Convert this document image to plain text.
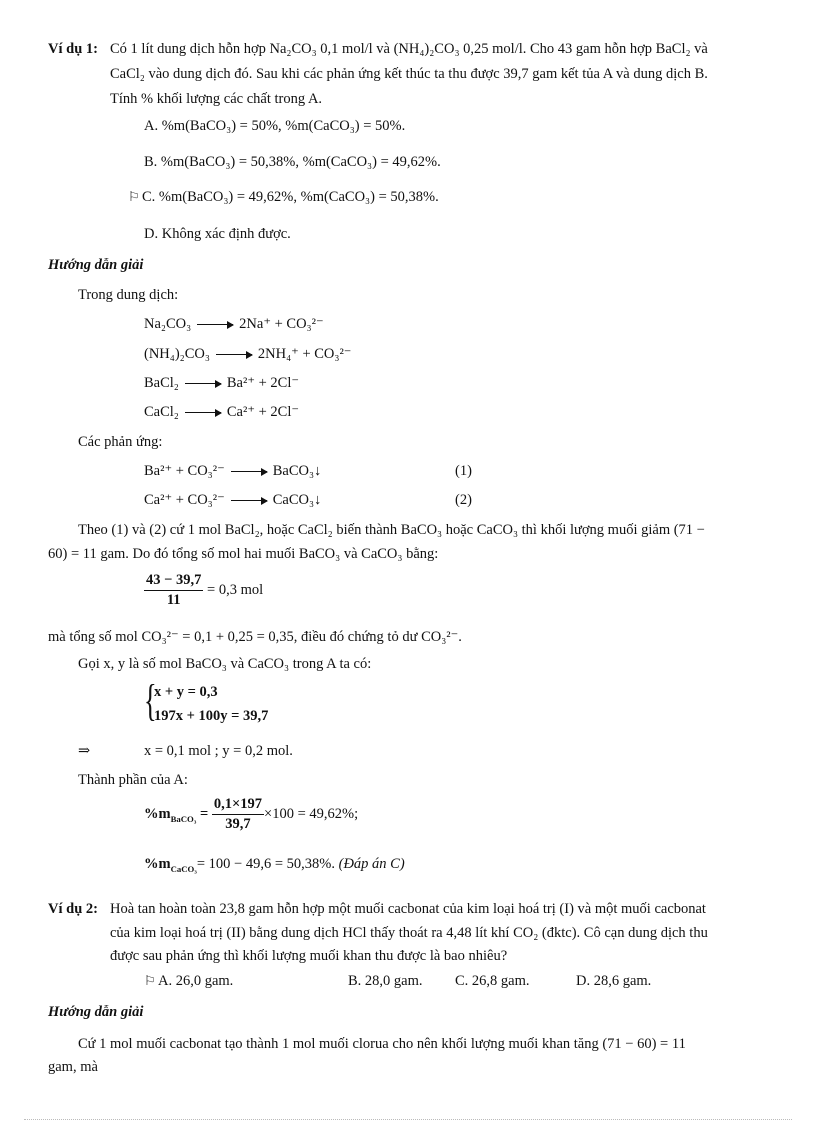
Ví dụ 1: Có 1 lít dung dịch hỗn hợp Na₂CO₃ 0,1 mol/l và (NH₄)₂CO₃ 0,25 mol/l. Cho 43 gam hỗn hợp BaCl₂ và
CaCl₂ vào dung dịch đó. Sau khi các phản ứng kết thúc ta thu được 39,7 gam kết tủa A và dung dịch B.
Tính % khối lượng các chất trong A.
A. %m(BaCO₃) = 50%, %m(CaCO₃) = 50%.
B. %m(BaCO₃) = 50,38%, %m(CaCO₃) = 49,62%.
⚐ C. %m(BaCO₃) = 49,62%, %m(CaCO₃) = 50,38%.
D. Không xác định được.
Hướng dẫn giải
Trong dung dịch:
Na₂CO₃	2Na⁺ + CO₃²⁻
(NH₄)₂CO₃	2NH₄⁺ + CO₃²⁻
BaCl₂	Ba²⁺ + 2Cl⁻
CaCl₂	Ca²⁺ + 2Cl⁻
Các phản ứng:
Ba²⁺ + CO₃²⁻	BaCO₃↓	(1)
Ca²⁺ + CO₃²⁻	CaCO₃↓	(2)
Theo (1) và (2) cứ 1 mol BaCl₂, hoặc CaCl₂ biến thành BaCO₃ hoặc CaCO₃ thì khối lượng muối giảm (71 −
60) = 11 gam. Do đó tổng số mol hai muối BaCO₃ và CaCO₃ bằng:
$\frac{43 - 39,7}{11} = 0,3$ mol
mà tổng số mol CO₃²⁻ = 0,1 + 0,25 = 0,35, điều đó chứng tỏ dư CO₃²⁻.
Gọi x, y là số mol BaCO₃ và CaCO₃ trong A ta có:
{
x + y = 0,3
197x + 100y = 39,7
⇒	x = 0,1 mol ; y = 0,2 mol.
Thành phần của A:
$\%m_{BaCO_3} = \frac{0,1\times 197}{39,7} \times 100 = 49,62\%$;
$\%m_{CaCO_3}= 100 - 49,6 = 50,38\%$. (Đáp án C)
Ví dụ 2: Hoà tan hoàn toàn 23,8 gam hỗn hợp một muối cacbonat của kim loại hoá trị (I) và một muối cacbonat
của kim loại hoá trị (II) bằng dung dịch HCl thấy thoát ra 4,48 lít khí CO₂ (đktc). Cô cạn dung dịch thu
được sau phản ứng thì khối lượng muối khan thu được là bao nhiêu?
⚐ A. 26,0 gam.	B. 28,0 gam. C. 26,8 gam.	D. 28,6 gam.
Hướng dẫn giải
Cứ 1 mol muối cacbonat tạo thành 1 mol muối clorua cho nên khối lượng muối khan tăng (71 − 60) = 11
gam, mà
